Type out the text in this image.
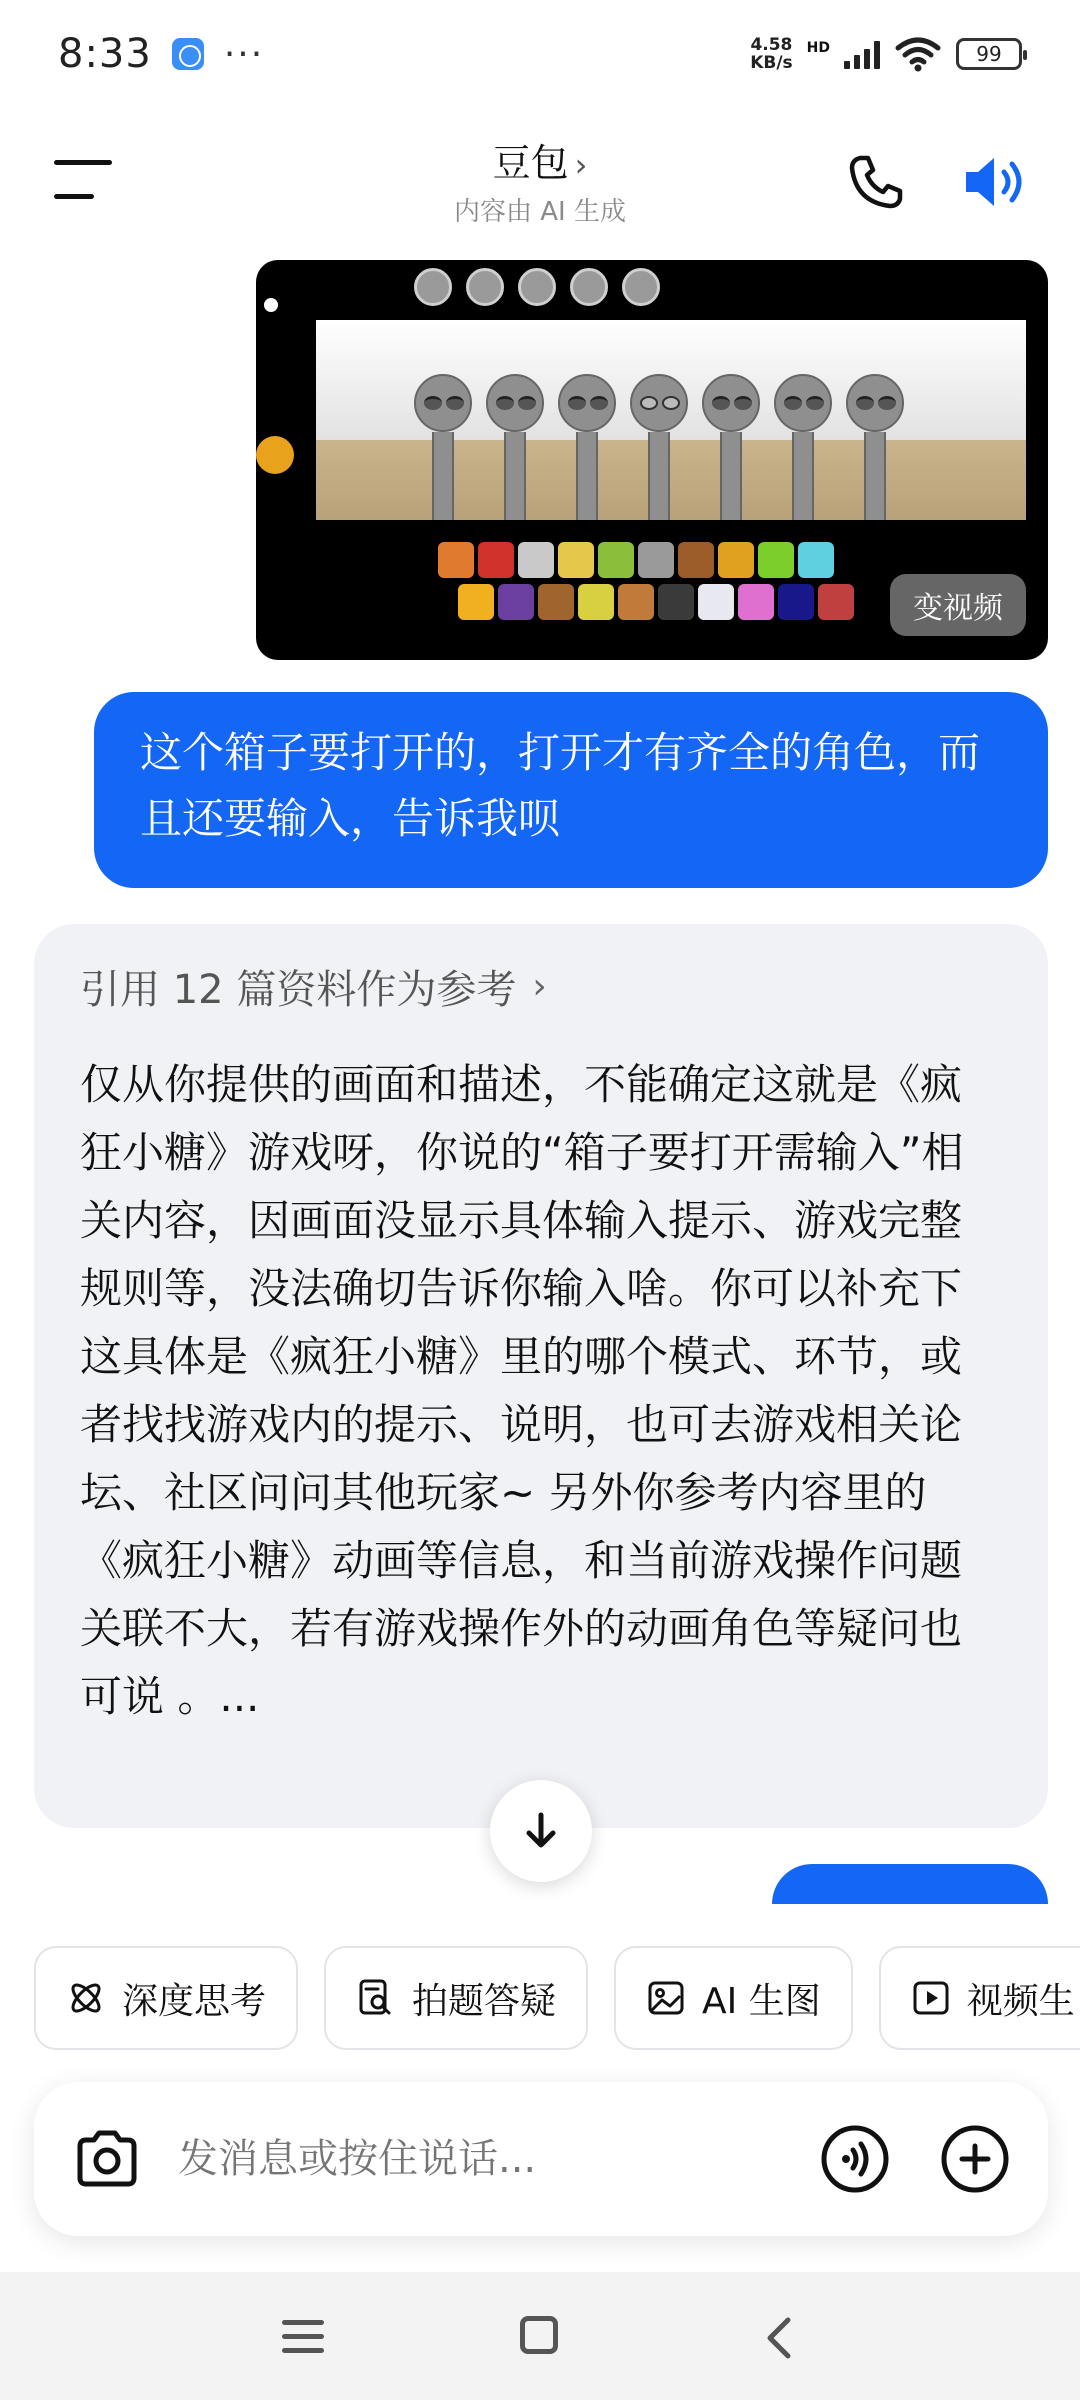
8:33 ···	4.58
KB/s
HD	99
豆包 ›
内容由 AI 生成
变视频
这个箱子要打开的，打开才有齐全的角色，而且还要输入，告诉我呗
引用 12 篇资料作为参考 ›
仅从你提供的画面和描述，不能确定这就是《疯狂小糖》游戏呀，你说的“箱子要打开需输入”相关内容，因画面没显示具体输入提示、游戏完整规则等，没法确切告诉你输入啥。你可以补充下这具体是《疯狂小糖》里的哪个模式、环节，或者找找游戏内的提示、说明，也可去游戏相关论坛、社区问问其他玩家~ 另外你参考内容里的《疯狂小糖》动画等信息，和当前游戏操作问题关联不大，若有游戏操作外的动画角色等疑问也可说 。...
深度思考	拍题答疑	AI 生图	视频生
发消息或按住说话...
